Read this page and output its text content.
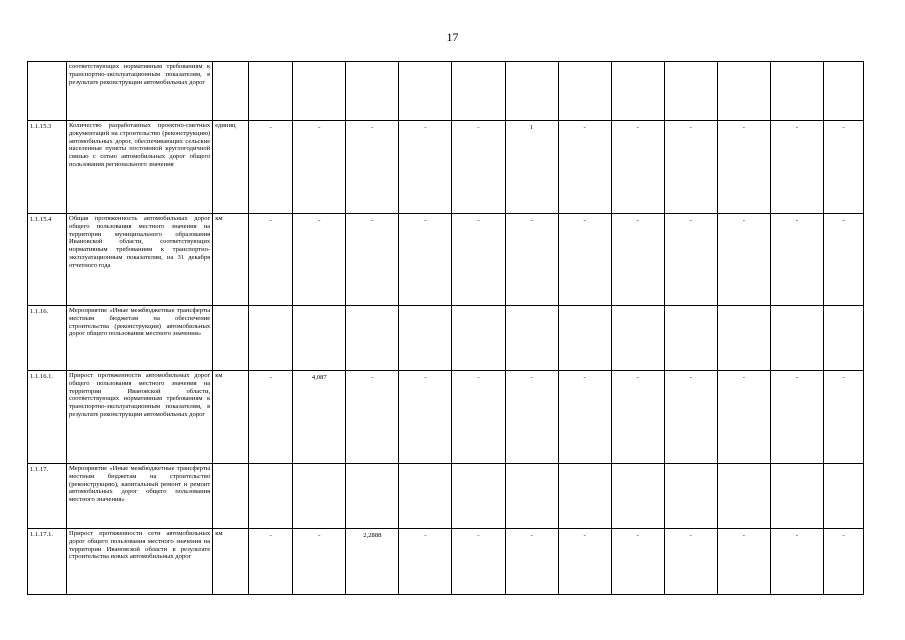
17
	соответствующих нормативным требованиям к транспортно-эксплуатационным показателям, в результате реконструкции автомобильных дорог													
1.1.15.3	Количество разработанных проектно-сметных документаций на строительство (реконструкцию) автомобильных дорог, обеспечивающих сельские населенные пункты постоянной круглогодичной связью с сетью автомобильных дорог общего пользования регионального значения	единиц	-	-	-	-	-	1	-	-	-	-	-	-
1.1.15.4	Общая протяженность автомобильных дорог общего пользования местного значения на территории муниципального образования Ивановской области, соответствующих нормативным требованиям к транспортно-эксплуатационным показателям, на 31 декабря отчетного года	км	-	-	-	-	-	-	-	-	-	-	-	-
1.1.16.	Мероприятие «Иные межбюджетные трансферты местным бюджетам на обеспечение строительства (реконструкции) автомобильных дорог общего пользования местного значения»													
1.1.16.1.	Прирост протяженности автомобильных дорог общего пользования местного значения на территории Ивановской области, соответствующих нормативным требованиям к транспортно-эксплуатационным показателям, в результате реконструкции автомобильных дорог	км	-	4,087	-	-	-	-	-	-	-	-	-	-
1.1.17.	Мероприятие «Иные межбюджетные трансферты местным бюджетам на строительство (реконструкцию), капитальный ремонт и ремонт автомобильных дорог общего пользования местного значения»													
1.1.17.1.	Прирост протяженности сети автомобильных дорог общего пользования местного значения на территории Ивановской области в результате строительства новых автомобильных дорог	км	-	-	2,2888	-	-	-	-	-	-	-	-	-
